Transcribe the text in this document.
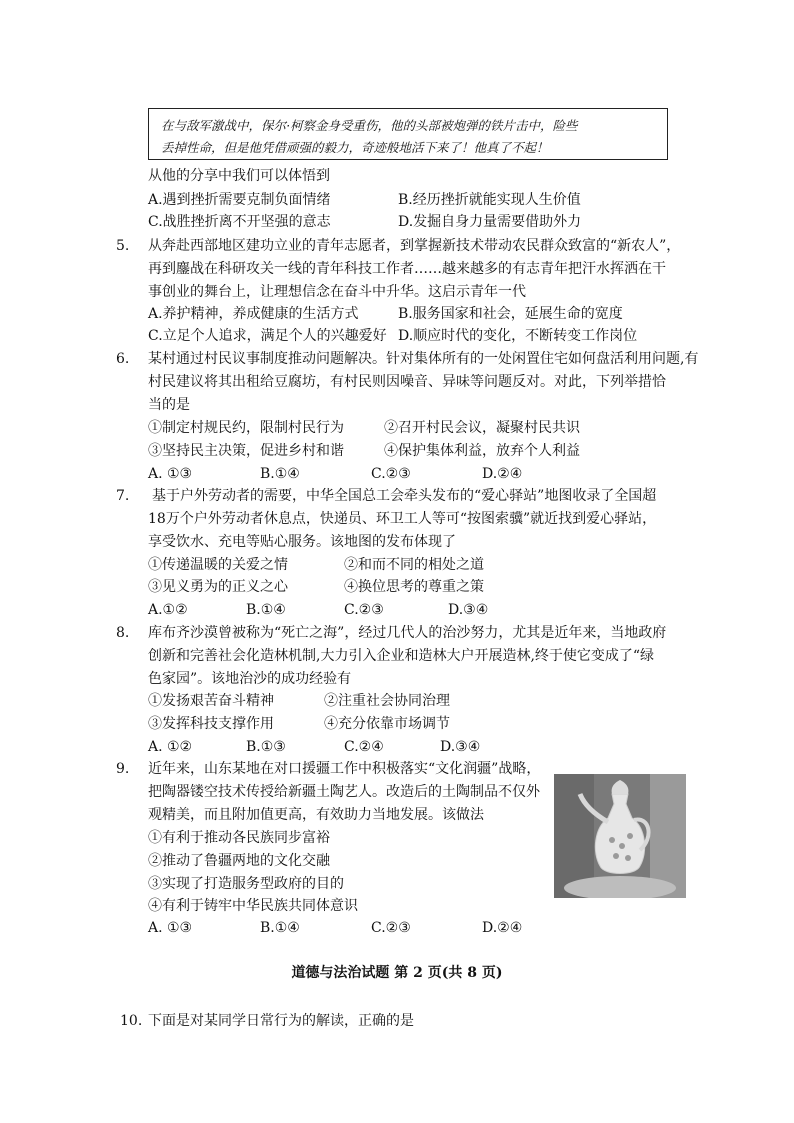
在与敌军激战中，保尔·柯察金身受重伤，他的头部被炮弹的铁片击中，险些
丢掉性命，但是他凭借顽强的毅力，奇迹般地活下来了！他真了不起！
从他的分享中我们可以体悟到
A.遇到挫折需要克制负面情绪	B.经历挫折就能实现人生价值
C.战胜挫折离不开坚强的意志	D.发掘自身力量需要借助外力
5. 从奔赴西部地区建功立业的青年志愿者，到掌握新技术带动农民群众致富的“新农人”，
再到鏖战在科研攻关一线的青年科技工作者……越来越多的有志青年把汗水挥洒在干
事创业的舞台上，让理想信念在奋斗中升华。这启示青年一代
A.养护精神，养成健康的生活方式	B.服务国家和社会，延展生命的宽度
C.立足个人追求，满足个人的兴趣爱好 D.顺应时代的变化，不断转变工作岗位
6. 某村通过村民议事制度推动问题解决。针对集体所有的一处闲置住宅如何盘活利用问题,有
村民建议将其出租给豆腐坊，有村民则因噪音、异味等问题反对。对此，下列举措恰
当的是
①制定村规民约，限制村民行为	②召开村民会议，凝聚村民共识
③坚持民主决策，促进乡村和谐	④保护集体利益，放弃个人利益
A. ①③	B.①④	C.②③	D.②④
7. 基于户外劳动者的需要，中华全国总工会牵头发布的“爱心驿站”地图收录了全国超
18万个户外劳动者休息点，快递员、环卫工人等可“按图索骥”就近找到爱心驿站，
享受饮水、充电等贴心服务。该地图的发布体现了
①传递温暖的关爱之情	②和而不同的相处之道
③见义勇为的正义之心	④换位思考的尊重之策
A.①②	B.①④	C.②③	D.③④
8. 库布齐沙漠曾被称为“死亡之海”，经过几代人的治沙努力，尤其是近年来，当地政府
创新和完善社会化造林机制,大力引入企业和造林大户开展造林,终于使它变成了“绿
色家园”。该地治沙的成功经验有
①发扬艰苦奋斗精神	②注重社会协同治理
③发挥科技支撑作用	④充分依靠市场调节
A. ①②	B.①③	C.②④	D.③④
9. 近年来，山东某地在对口援疆工作中积极落实“文化润疆”战略，
把陶器镂空技术传授给新疆土陶艺人。改造后的土陶制品不仅外
观精美，而且附加值更高，有效助力当地发展。该做法
①有利于推动各民族同步富裕
②推动了鲁疆两地的文化交融
③实现了打造服务型政府的目的
④有利于铸牢中华民族共同体意识
A. ①③	B.①④	C.②③	D.②④
道德与法治试题 第 2 页(共 8 页)
10. 下面是对某同学日常行为的解读，正确的是
